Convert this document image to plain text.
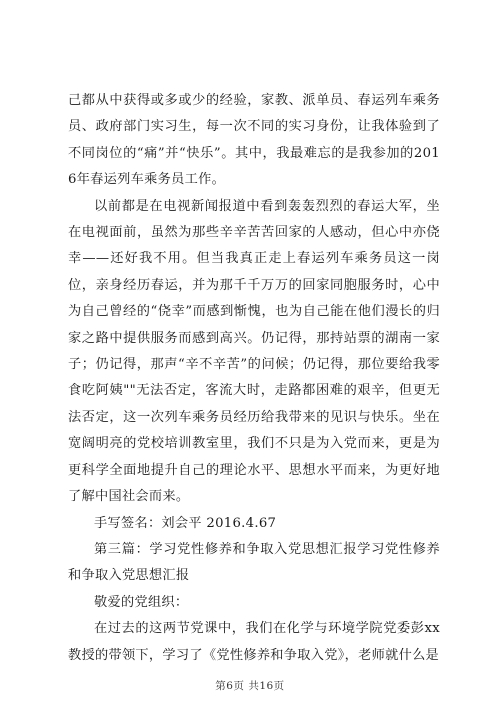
己都从中获得或多或少的经验，家教、派单员、春运列车乘务员、政府部门实习生，每一次不同的实习身份，让我体验到了不同岗位的“痛”并“快乐”。其中，我最难忘的是我参加的2016年春运列车乘务员工作。

以前都是在电视新闻报道中看到轰轰烈烈的春运大军，坐在电视面前，虽然为那些辛辛苦苦回家的人感动，但心中亦侥幸——还好我不用。但当我真正走上春运列车乘务员这一岗位，亲身经历春运，并为那千千万万的回家同胞服务时，心中为自己曾经的“侥幸”而感到惭愧，也为自己能在他们漫长的归家之路中提供服务而感到高兴。仍记得，那持站票的湖南一家子；仍记得，那声“辛不辛苦”的问候；仍记得，那位要给我零食吃阿姨""无法否定，客流大时，走路都困难的艰辛，但更无法否定，这一次列车乘务员经历给我带来的见识与快乐。坐在宽阔明亮的党校培训教室里，我们不只是为入党而来，更是为更科学全面地提升自己的理论水平、思想水平而来，为更好地了解中国社会而来。

手写签名：刘会平 2016.4.67

第三篇：学习党性修养和争取入党思想汇报学习党性修养和争取入党思想汇报

敬爱的党组织：

在过去的这两节党课中，我们在化学与环境学院党委彭xx教授的带领下，学习了《党性修养和争取入党》，老师就什么是

第6页 共16页
